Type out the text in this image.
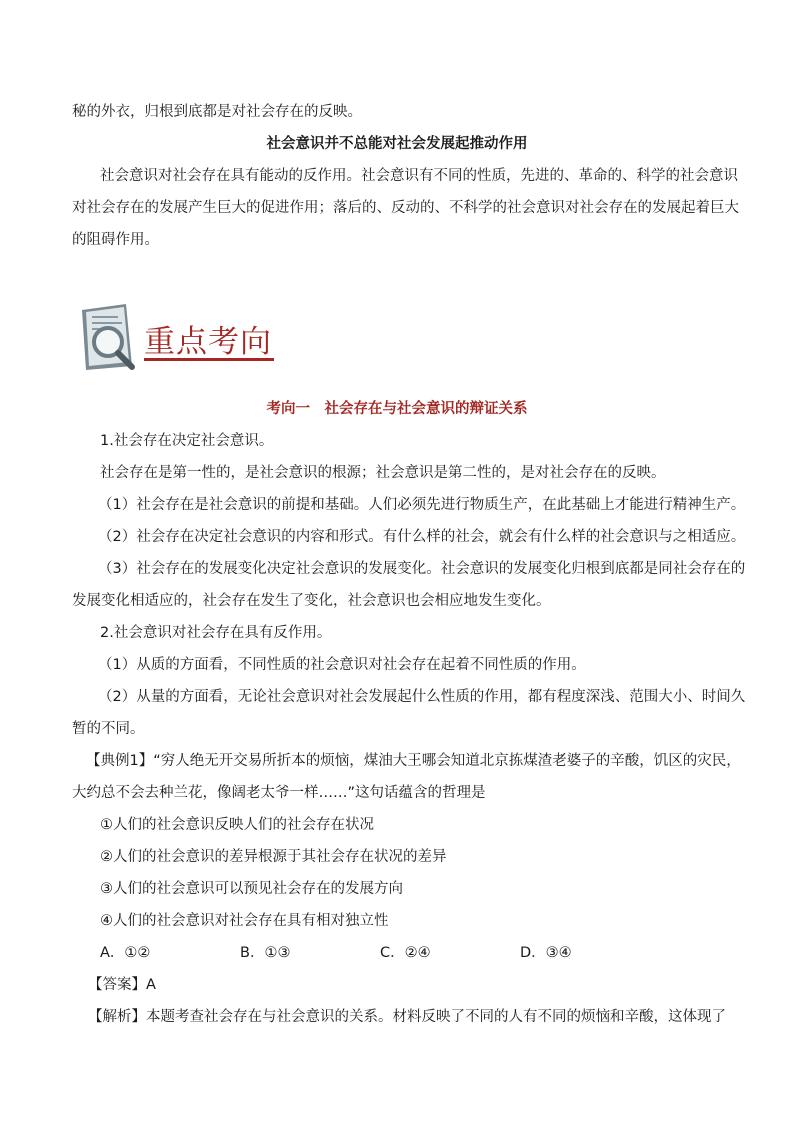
秘的外衣，归根到底都是对社会存在的反映。
社会意识并不总能对社会发展起推动作用
社会意识对社会存在具有能动的反作用。社会意识有不同的性质，先进的、革命的、科学的社会意识
对社会存在的发展产生巨大的促进作用；落后的、反动的、不科学的社会意识对社会存在的发展起着巨大
的阻碍作用。
重点考向
考向一　社会存在与社会意识的辩证关系
1.社会存在决定社会意识。
社会存在是第一性的，是社会意识的根源；社会意识是第二性的，是对社会存在的反映。
（1）社会存在是社会意识的前提和基础。人们必须先进行物质生产，在此基础上才能进行精神生产。
（2）社会存在决定社会意识的内容和形式。有什么样的社会，就会有什么样的社会意识与之相适应。
（3）社会存在的发展变化决定社会意识的发展变化。社会意识的发展变化归根到底都是同社会存在的
发展变化相适应的，社会存在发生了变化，社会意识也会相应地发生变化。
2.社会意识对社会存在具有反作用。
（1）从质的方面看，不同性质的社会意识对社会存在起着不同性质的作用。
（2）从量的方面看，无论社会意识对社会发展起什么性质的作用，都有程度深浅、范围大小、时间久
暂的不同。
【典例1】“穷人绝无开交易所折本的烦恼，煤油大王哪会知道北京拣煤渣老婆子的辛酸，饥区的灾民，
大约总不会去种兰花，像阔老太爷一样……”这句话蕴含的哲理是
①人们的社会意识反映人们的社会存在状况
②人们的社会意识的差异根源于其社会存在状况的差异
③人们的社会意识可以预见社会存在的发展方向
④人们的社会意识对社会存在具有相对独立性
A．①②	B．①③	C．②④	D．③④
【答案】A
【解析】本题考查社会存在与社会意识的关系。材料反映了不同的人有不同的烦恼和辛酸，这体现了
